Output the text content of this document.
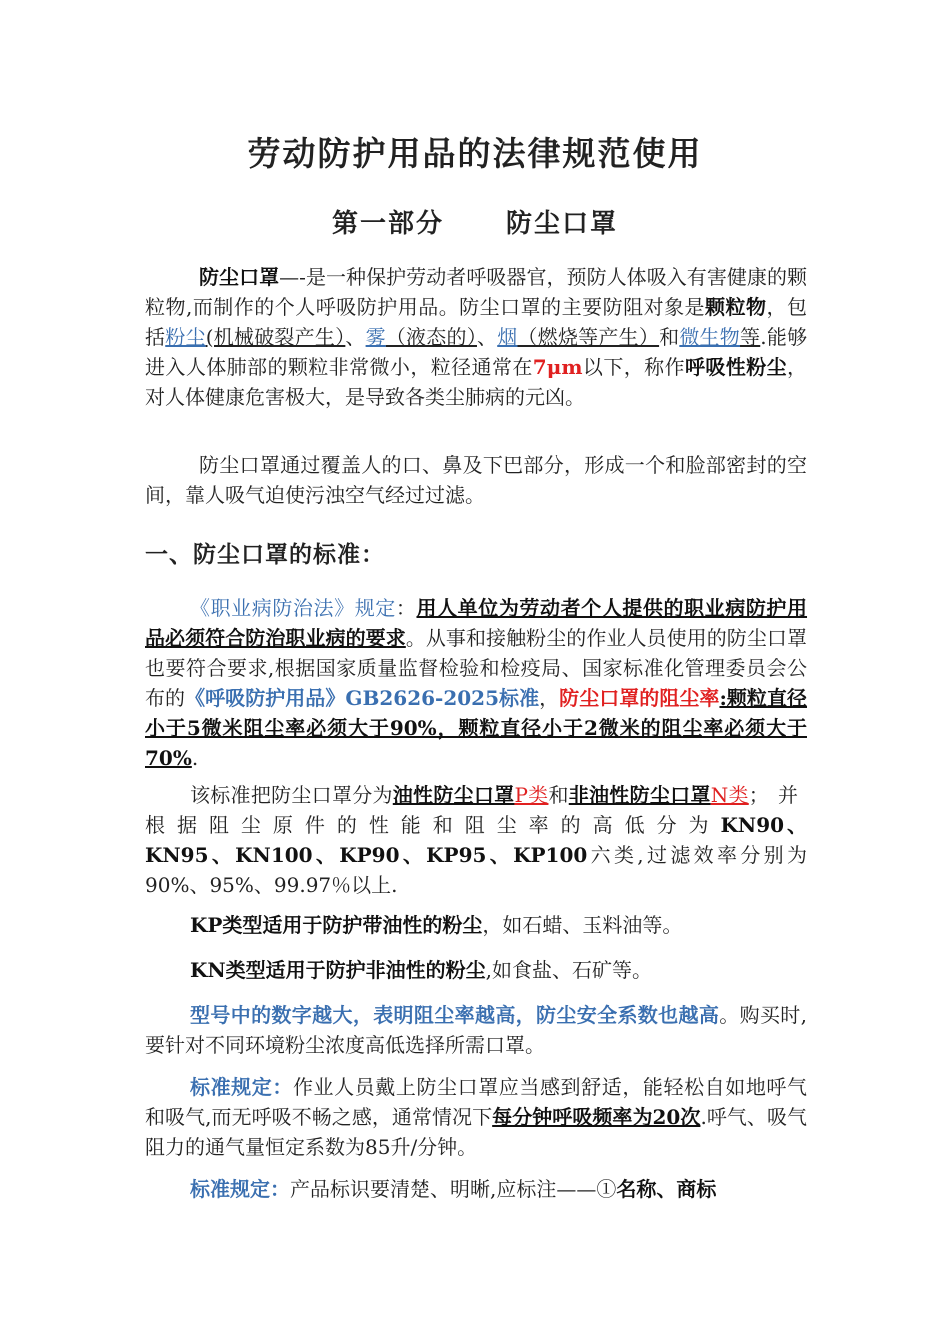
劳动防护用品的法律规范使用
第一部分 防尘口罩
防尘口罩—-是一种保护劳动者呼吸器官，预防人体吸入有害健康的颗粒物,而制作的个人呼吸防护用品。防尘口罩的主要防阻对象是颗粒物，包括粉尘(机械破裂产生）、雾（液态的）、烟（燃烧等产生）和微生物等.能够进入人体肺部的颗粒非常微小，粒径通常在7μm以下，称作呼吸性粉尘，对人体健康危害极大，是导致各类尘肺病的元凶。
防尘口罩通过覆盖人的口、鼻及下巴部分，形成一个和脸部密封的空间，靠人吸气迫使污浊空气经过过滤。
一、防尘口罩的标准：
《职业病防治法》规定：用人单位为劳动者个人提供的职业病防护用品必须符合防治职业病的要求。从事和接触粉尘的作业人员使用的防尘口罩也要符合要求,根据国家质量监督检验和检疫局、国家标准化管理委员会公布的《呼吸防护用品》GB2626-2025标准，防尘口罩的阻尘率:颗粒直径小于5微米阻尘率必须大于90%，颗粒直径小于2微米的阻尘率必须大于70%.
该标准把防尘口罩分为油性防尘口罩P类和非油性防尘口罩N类；并根据阻尘原件的性能和阻尘率的高低分为KN90、KN95、KN100、KP90、KP95、KP100六类,过滤效率分别为90%、95%、99.97％以上.
KP类型适用于防护带油性的粉尘，如石蜡、玉料油等。
KN类型适用于防护非油性的粉尘,如食盐、石矿等。
型号中的数字越大，表明阻尘率越高，防尘安全系数也越高。购买时,要针对不同环境粉尘浓度高低选择所需口罩。
标准规定：作业人员戴上防尘口罩应当感到舒适，能轻松自如地呼气和吸气,而无呼吸不畅之感，通常情况下每分钟呼吸频率为20次.呼气、吸气阻力的通气量恒定系数为85升/分钟。
标准规定：产品标识要清楚、明晰,应标注——①名称、商标
